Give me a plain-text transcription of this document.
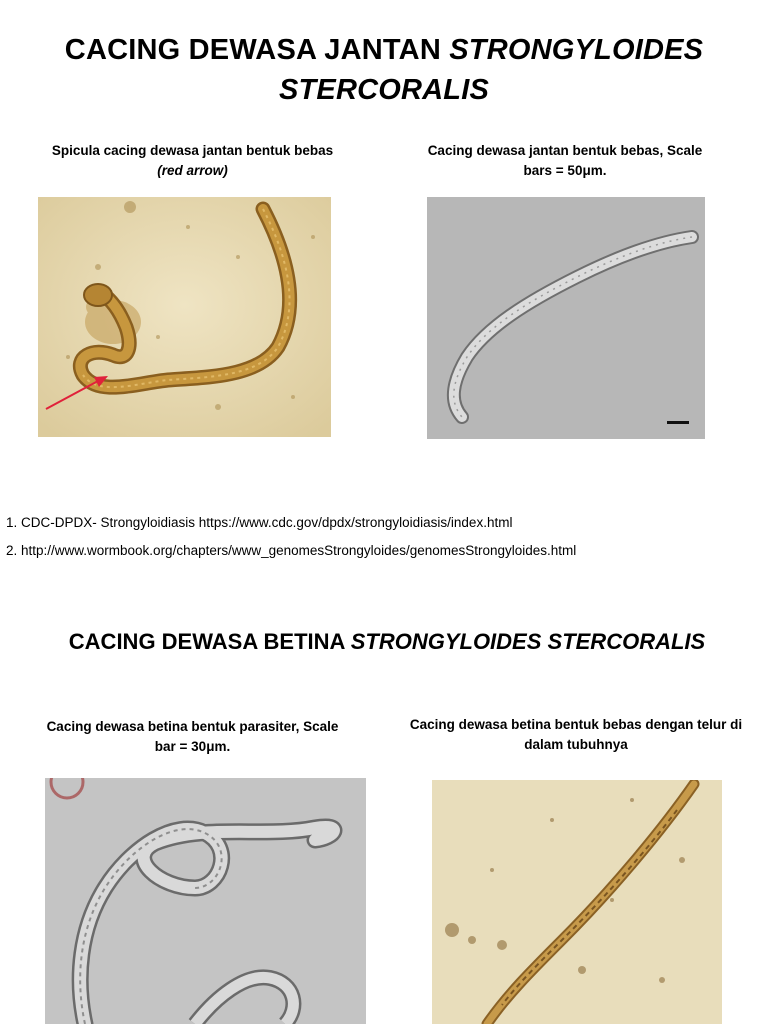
CACING DEWASA JANTAN STRONGYLOIDES
STERCORALIS
Spicula cacing dewasa jantan bentuk bebas
(red arrow)
Cacing dewasa jantan bentuk bebas, Scale
bars = 50μm.
1. CDC-DPDX- Strongyloidiasis https://www.cdc.gov/dpdx/strongyloidiasis/index.html
2. http://www.wormbook.org/chapters/www_genomesStrongyloides/genomesStrongyloides.html
CACING DEWASA BETINA STRONGYLOIDES STERCORALIS
Cacing dewasa betina bentuk parasiter, Scale
bar = 30μm.
Cacing dewasa betina bentuk bebas dengan telur di
dalam tubuhnya
